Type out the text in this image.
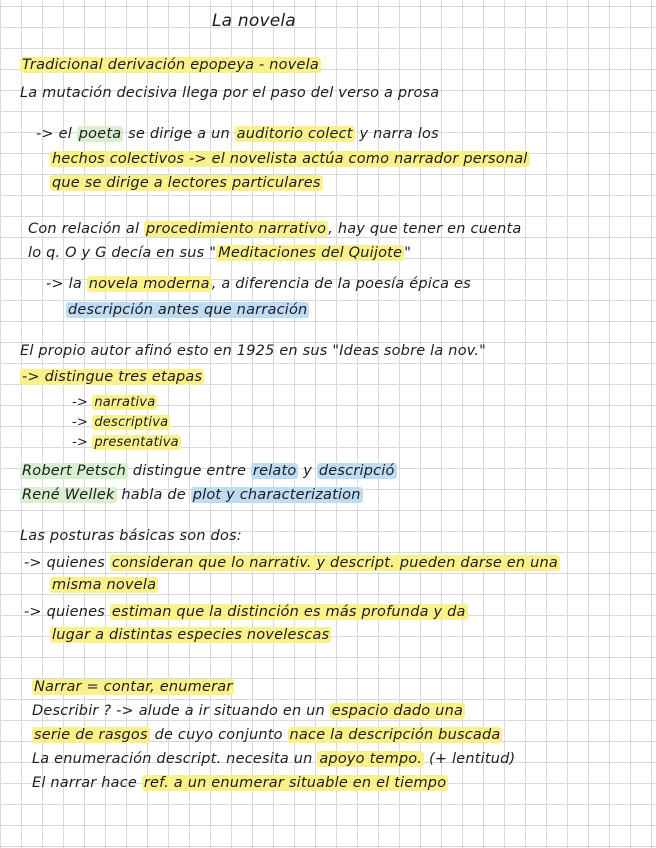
La novela
Tradicional derivación epopeya - novela
La mutación decisiva llega por el paso del verso a prosa
-> el poeta se dirige a un auditorio colect y narra los
hechos colectivos -> el novelista actúa como narrador personal
que se dirige a lectores particulares
Con relación al procedimiento narrativo , hay que tener en cuenta
lo q. O y G decía en sus " Meditaciones del Quijote "
-> la novela moderna , a diferencia de la poesía épica es
descripción antes que narración
El propio autor afinó esto en 1925 en sus "Ideas sobre la nov."
-> distingue tres etapas
-> narrativa
-> descriptiva
-> presentativa
Robert Petsch distingue entre relato y descripció
René Wellek habla de plot y characterization
Las posturas básicas son dos:
-> quienes consideran que lo narrativ. y descript. pueden darse en una
misma novela
-> quienes estiman que la distinción es más profunda y da
lugar a distintas especies novelescas
Narrar = contar, enumerar
Describir ? -> alude a ir situando en un espacio dado una
serie de rasgos de cuyo conjunto nace la descripción buscada
La enumeración descript. necesita un apoyo tempo. (+ lentitud)
El narrar hace ref. a un enumerar situable en el tiempo
